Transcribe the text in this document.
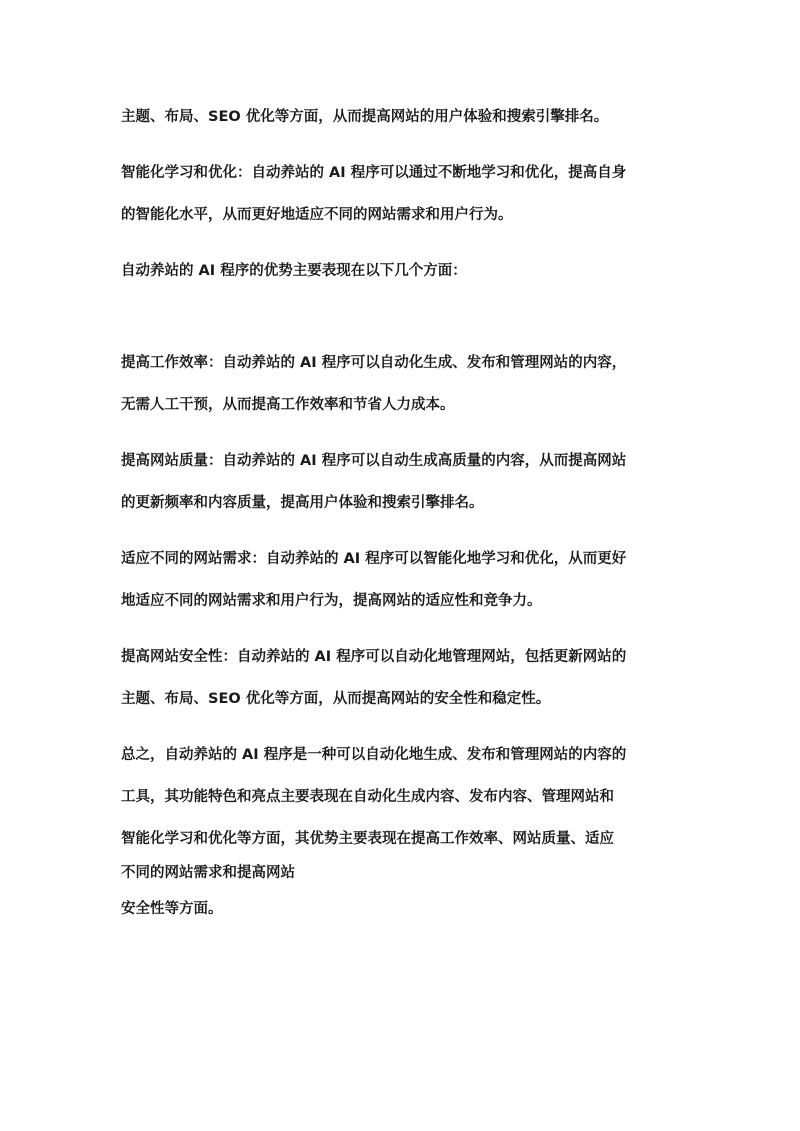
主题、布局、SEO 优化等方面，从而提高网站的用户体验和搜索引擎排名。

智能化学习和优化：自动养站的 AI 程序可以通过不断地学习和优化，提高自身

的智能化水平，从而更好地适应不同的网站需求和用户行为。

自动养站的 AI 程序的优势主要表现在以下几个方面：

提高工作效率：自动养站的 AI 程序可以自动化生成、发布和管理网站的内容，

无需人工干预，从而提高工作效率和节省人力成本。

提高网站质量：自动养站的 AI 程序可以自动生成高质量的内容，从而提高网站

的更新频率和内容质量，提高用户体验和搜索引擎排名。

适应不同的网站需求：自动养站的 AI 程序可以智能化地学习和优化，从而更好

地适应不同的网站需求和用户行为，提高网站的适应性和竞争力。

提高网站安全性：自动养站的 AI 程序可以自动化地管理网站，包括更新网站的

主题、布局、SEO 优化等方面，从而提高网站的安全性和稳定性。

总之，自动养站的 AI 程序是一种可以自动化地生成、发布和管理网站的内容的

工具，其功能特色和亮点主要表现在自动化生成内容、发布内容、管理网站和

智能化学习和优化等方面，其优势主要表现在提高工作效率、网站质量、适应

不同的网站需求和提高网站

安全性等方面。
